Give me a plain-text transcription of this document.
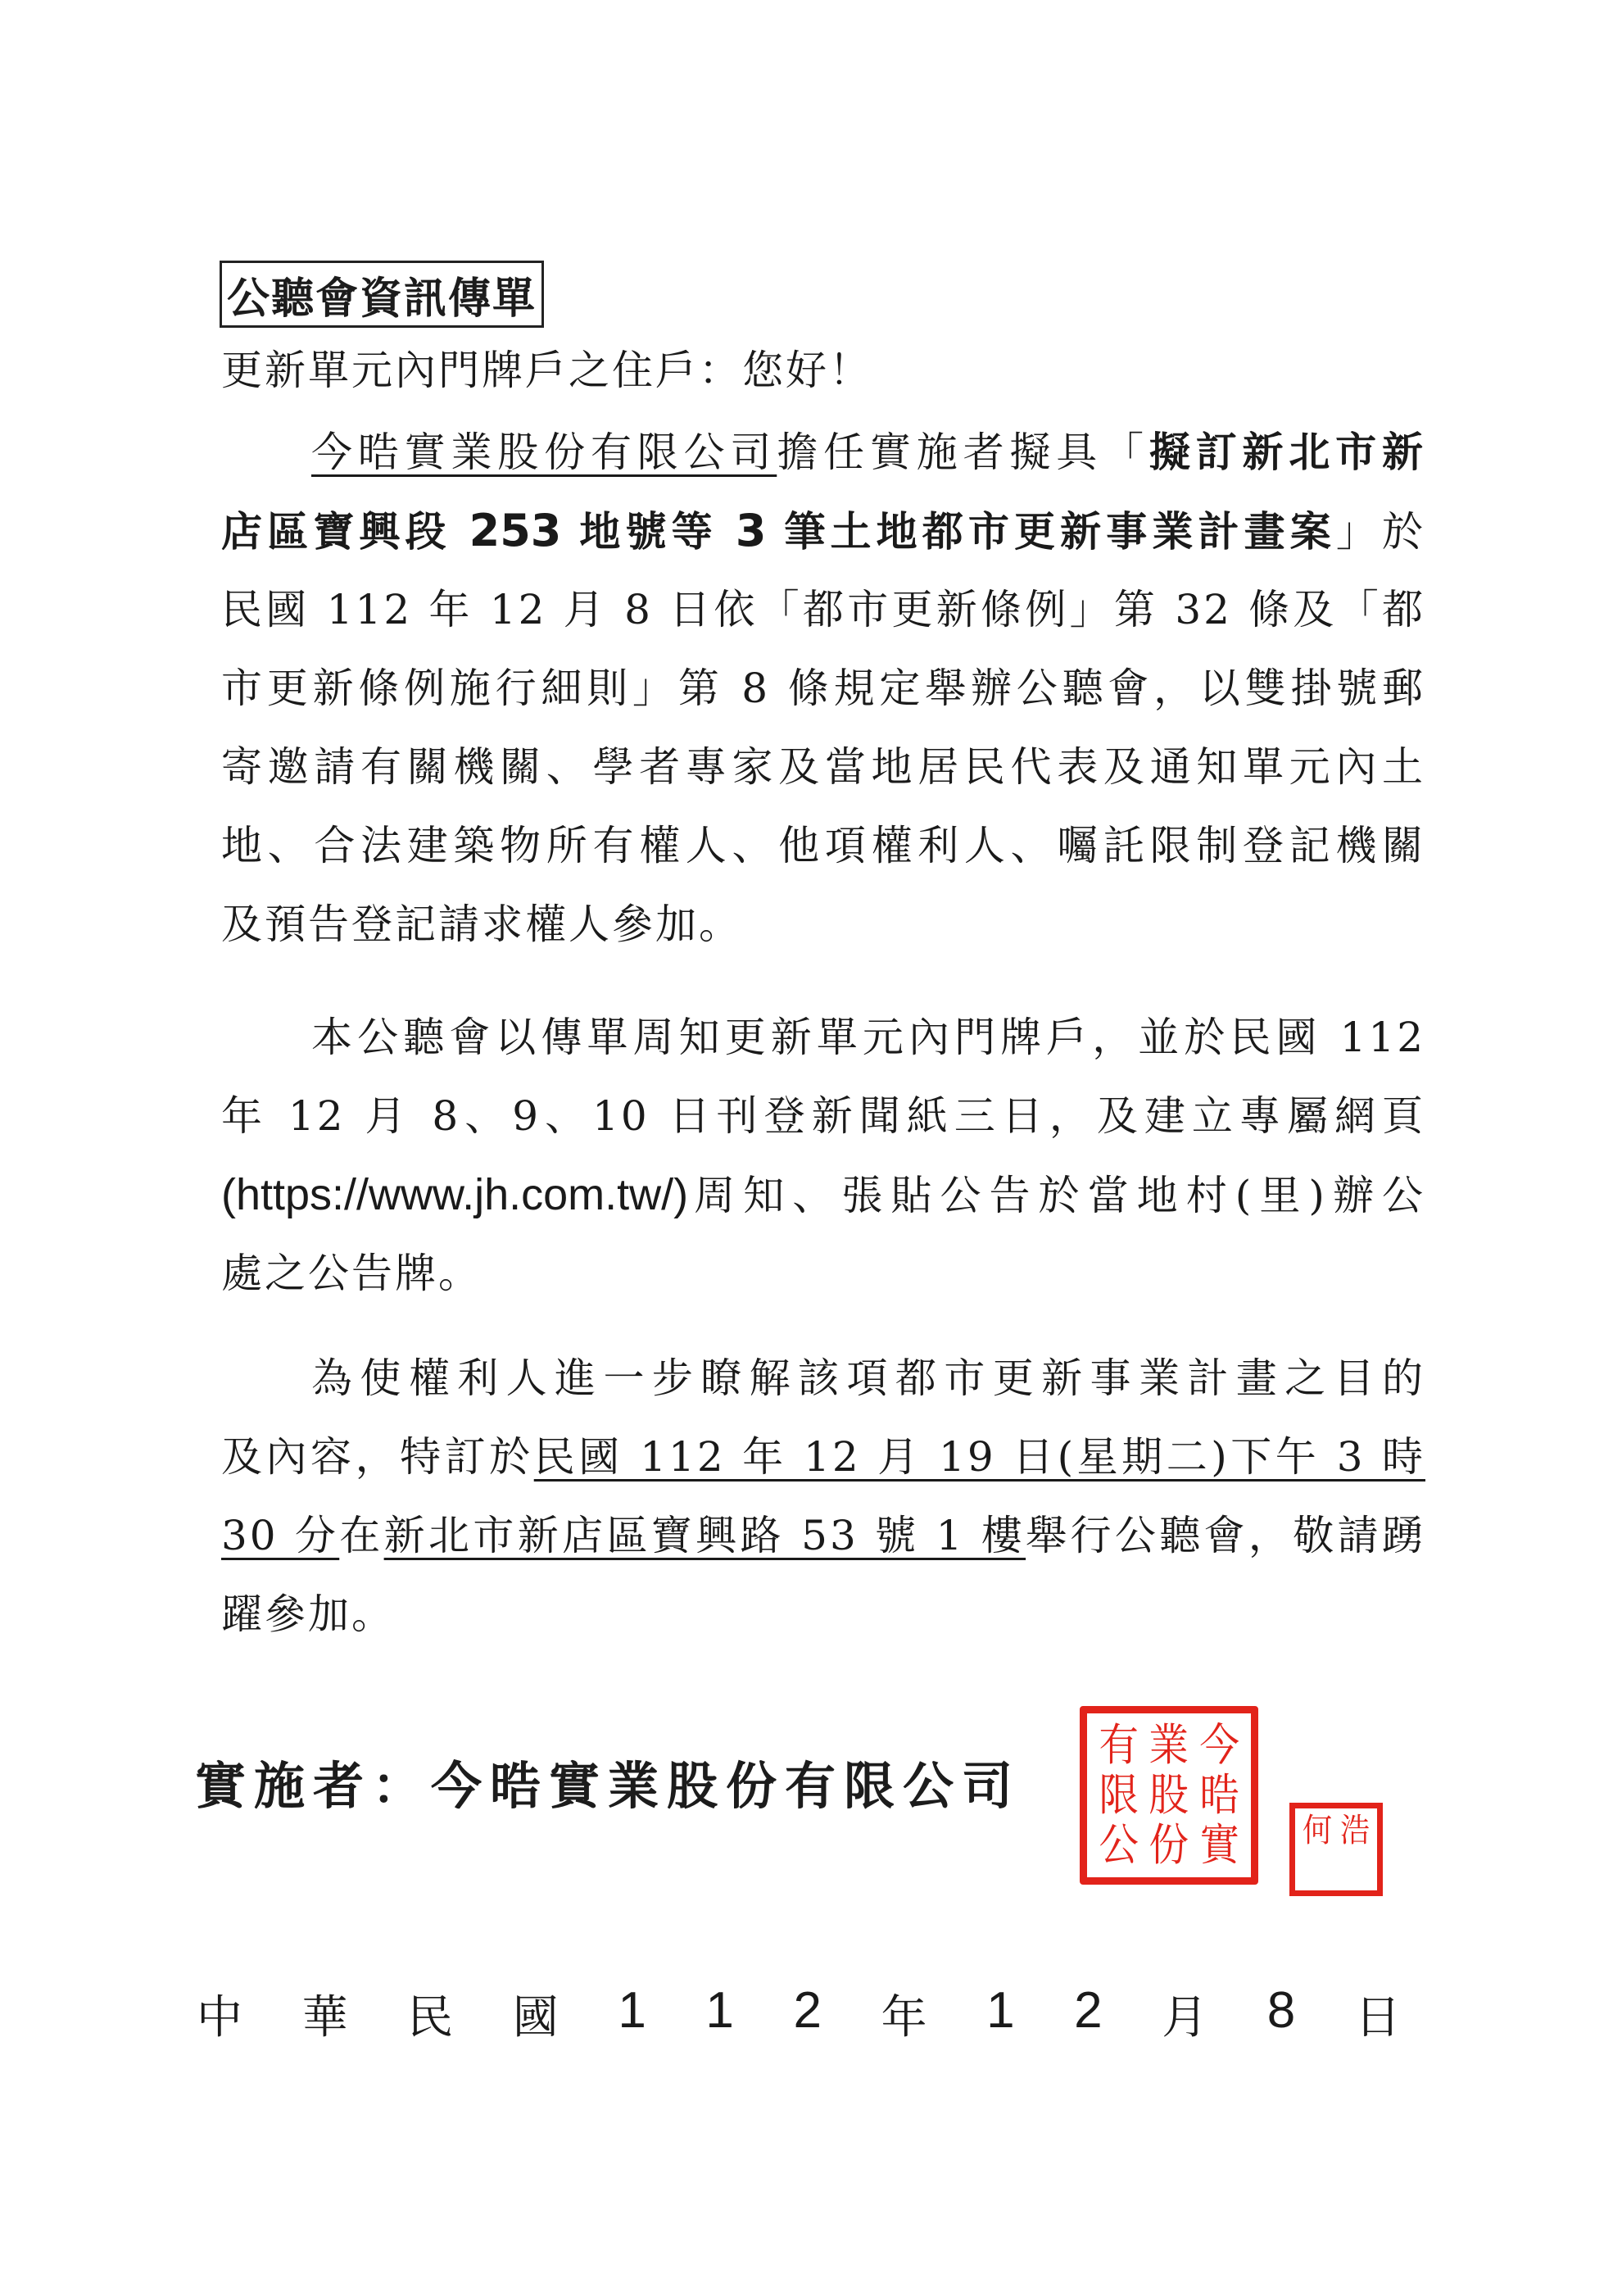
公聽會資訊傳單
更新單元內門牌戶之住戶：您好！
今晧實業股份有限公司擔任實施者擬具「擬訂新北市新
店區寶興段 253 地號等 3 筆土地都市更新事業計畫案」於
民國 112 年 12 月 8 日依「都市更新條例」第 32 條及「都
市更新條例施行細則」第 8 條規定舉辦公聽會，以雙掛號郵
寄邀請有關機關、學者專家及當地居民代表及通知單元內土
地、合法建築物所有權人、他項權利人、囑託限制登記機關
及預告登記請求權人參加。
本公聽會以傳單周知更新單元內門牌戶，並於民國 112
年 12 月 8、9、10 日刊登新聞紙三日，及建立專屬網頁
(https://www.jh.com.tw/)周知、張貼公告於當地村(里)辦公
處之公告牌。
為使權利人進一步瞭解該項都市更新事業計畫之目的
及內容，特訂於民國 112 年 12 月 19 日(星期二)下午 3 時
30 分在新北市新店區寶興路 53 號 1 樓舉行公聽會，敬請踴
躍參加。
實施者：今晧實業股份有限公司
今
晧
實
業
股
份
有
限
公	何 浩
中 華 民 國 1 1 2 年 1 2 月 8 日
